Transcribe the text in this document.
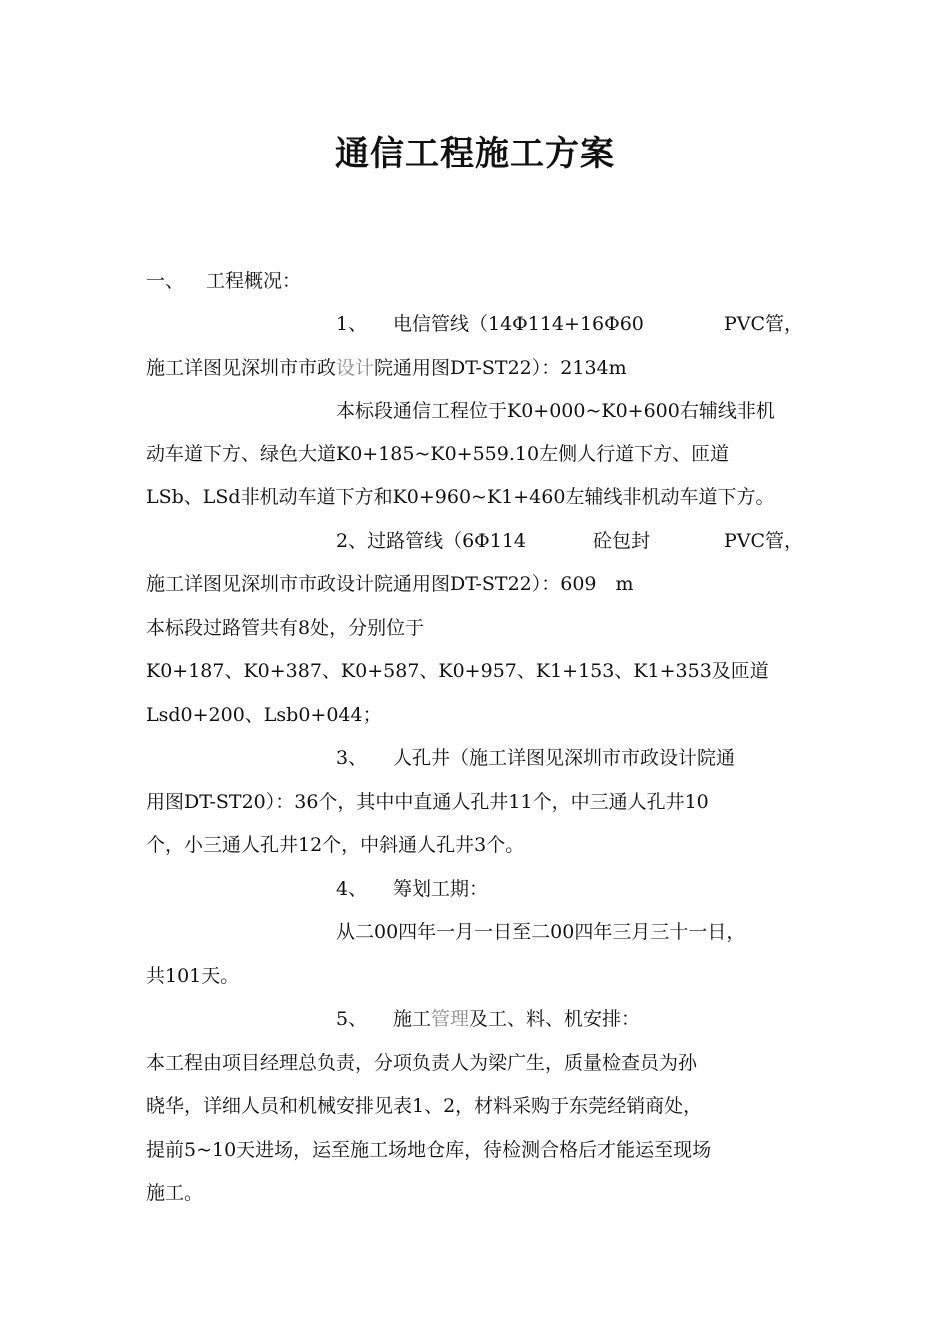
通信工程施工方案
一、 工程概况：
1、 电信管线（14Φ114+16Φ60	PVC管，
施工详图见深圳市市政设计院通用图DT-ST22）：2134m
本标段通信工程位于K0+000~K0+600右辅线非机
动车道下方、绿色大道K0+185~K0+559.10左侧人行道下方、匝道
LSb、LSd非机动车道下方和K0+960~K1+460左辅线非机动车道下方。
2、过路管线（6Φ114	砼包封	PVC管，
施工详图见深圳市市政设计院通用图DT-ST22）：609　m
本标段过路管共有8处，分别位于
K0+187、K0+387、K0+587、K0+957、K1+153、K1+353及匝道
Lsd0+200、Lsb0+044；
3、 人孔井（施工详图见深圳市市政设计院通
用图DT-ST20）：36个，其中中直通人孔井11个，中三通人孔井10
个，小三通人孔井12个，中斜通人孔井3个。
4、 筹划工期：
从二00四年一月一日至二00四年三月三十一日，
共101天。
5、 施工管理及工、料、机安排：
本工程由项目经理总负责，分项负责人为梁广生，质量检查员为孙
晓华，详细人员和机械安排见表1、2，材料采购于东莞经销商处，
提前5~10天进场，运至施工场地仓库，待检测合格后才能运至现场
施工。
